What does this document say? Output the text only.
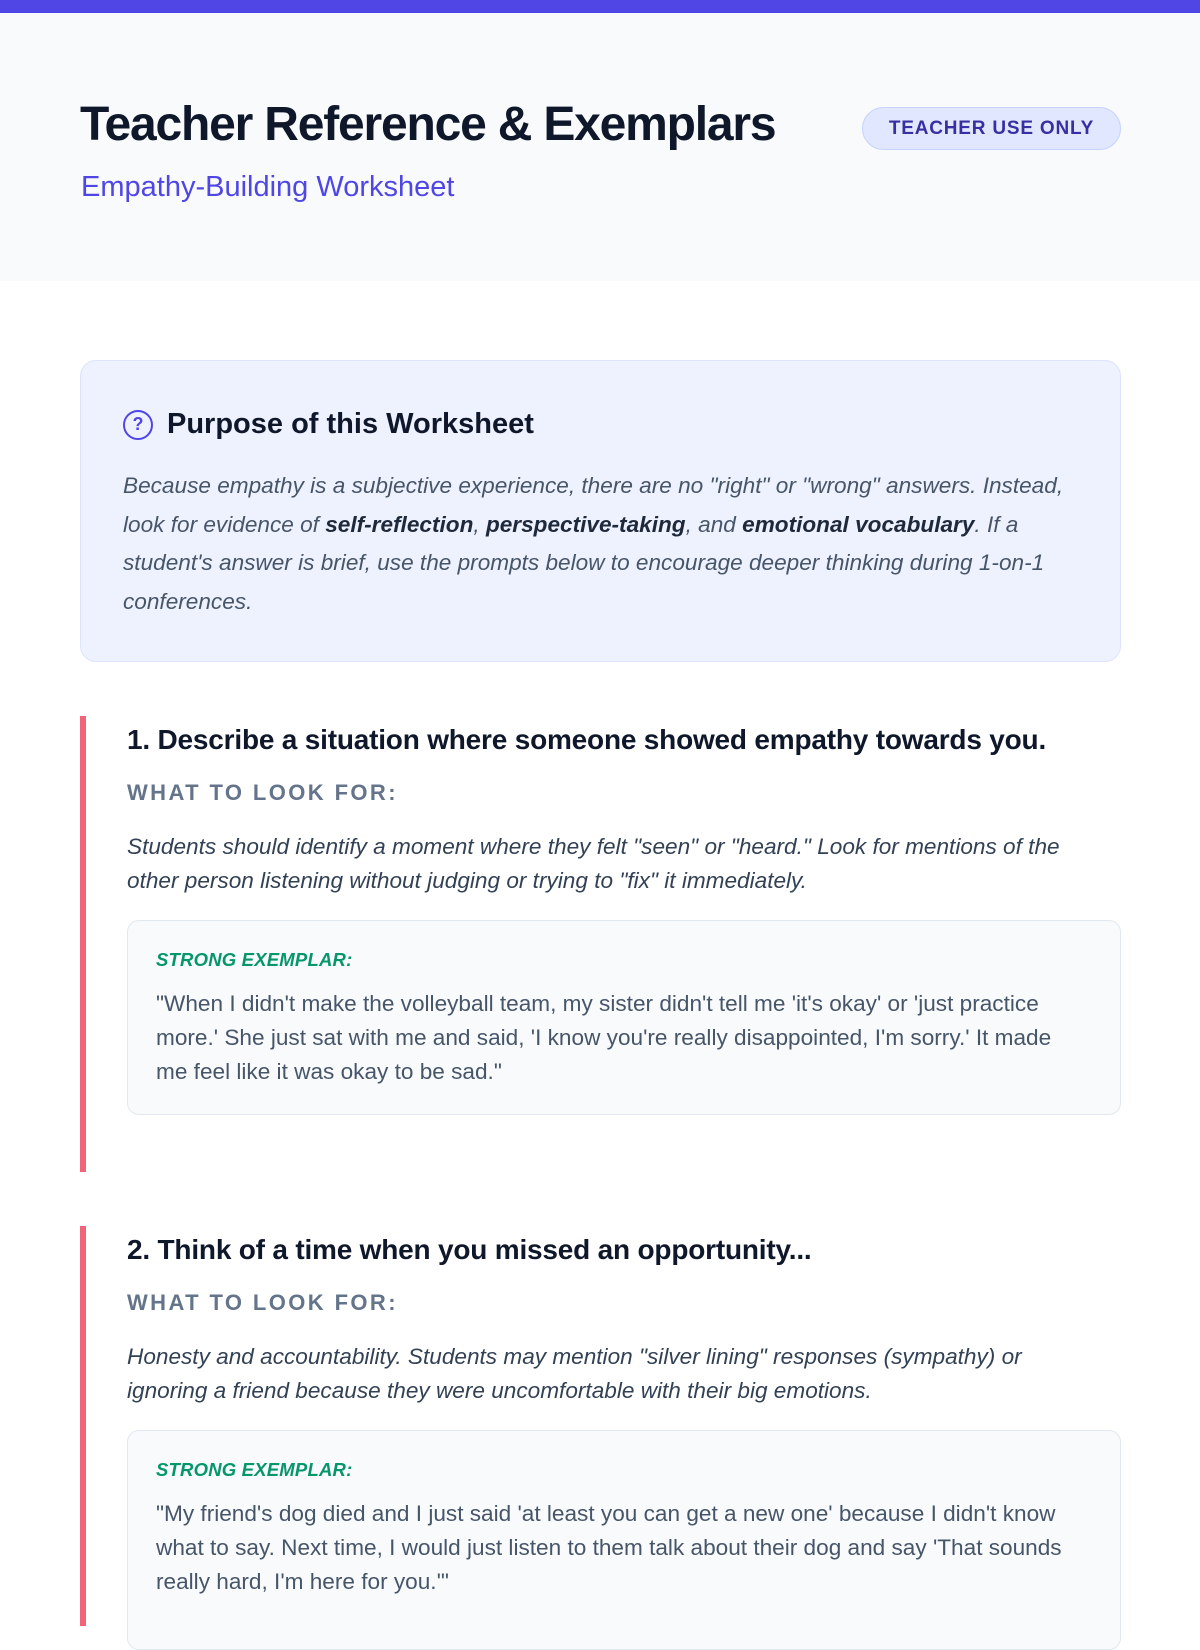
Teacher Reference & Exemplars
Empathy-Building Worksheet
TEACHER USE ONLY
? Purpose of this Worksheet

Because empathy is a subjective experience, there are no "right" or "wrong" answers. Instead, look for evidence of self-reflection, perspective-taking, and emotional vocabulary. If a student's answer is brief, use the prompts below to encourage deeper thinking during 1-on-1 conferences.

1. Describe a situation where someone showed empathy towards you.
WHAT TO LOOK FOR:

Students should identify a moment where they felt "seen" or "heard." Look for mentions of the other person listening without judging or trying to "fix" it immediately.

STRONG EXEMPLAR:

"When I didn't make the volleyball team, my sister didn't tell me 'it's okay' or 'just practice more.' She just sat with me and said, 'I know you're really disappointed, I'm sorry.' It made me feel like it was okay to be sad."

2. Think of a time when you missed an opportunity...
WHAT TO LOOK FOR:

Honesty and accountability. Students may mention "silver lining" responses (sympathy) or ignoring a friend because they were uncomfortable with their big emotions.

STRONG EXEMPLAR:

"My friend's dog died and I just said 'at least you can get a new one' because I didn't know what to say. Next time, I would just listen to them talk about their dog and say 'That sounds really hard, I'm here for you.'"
